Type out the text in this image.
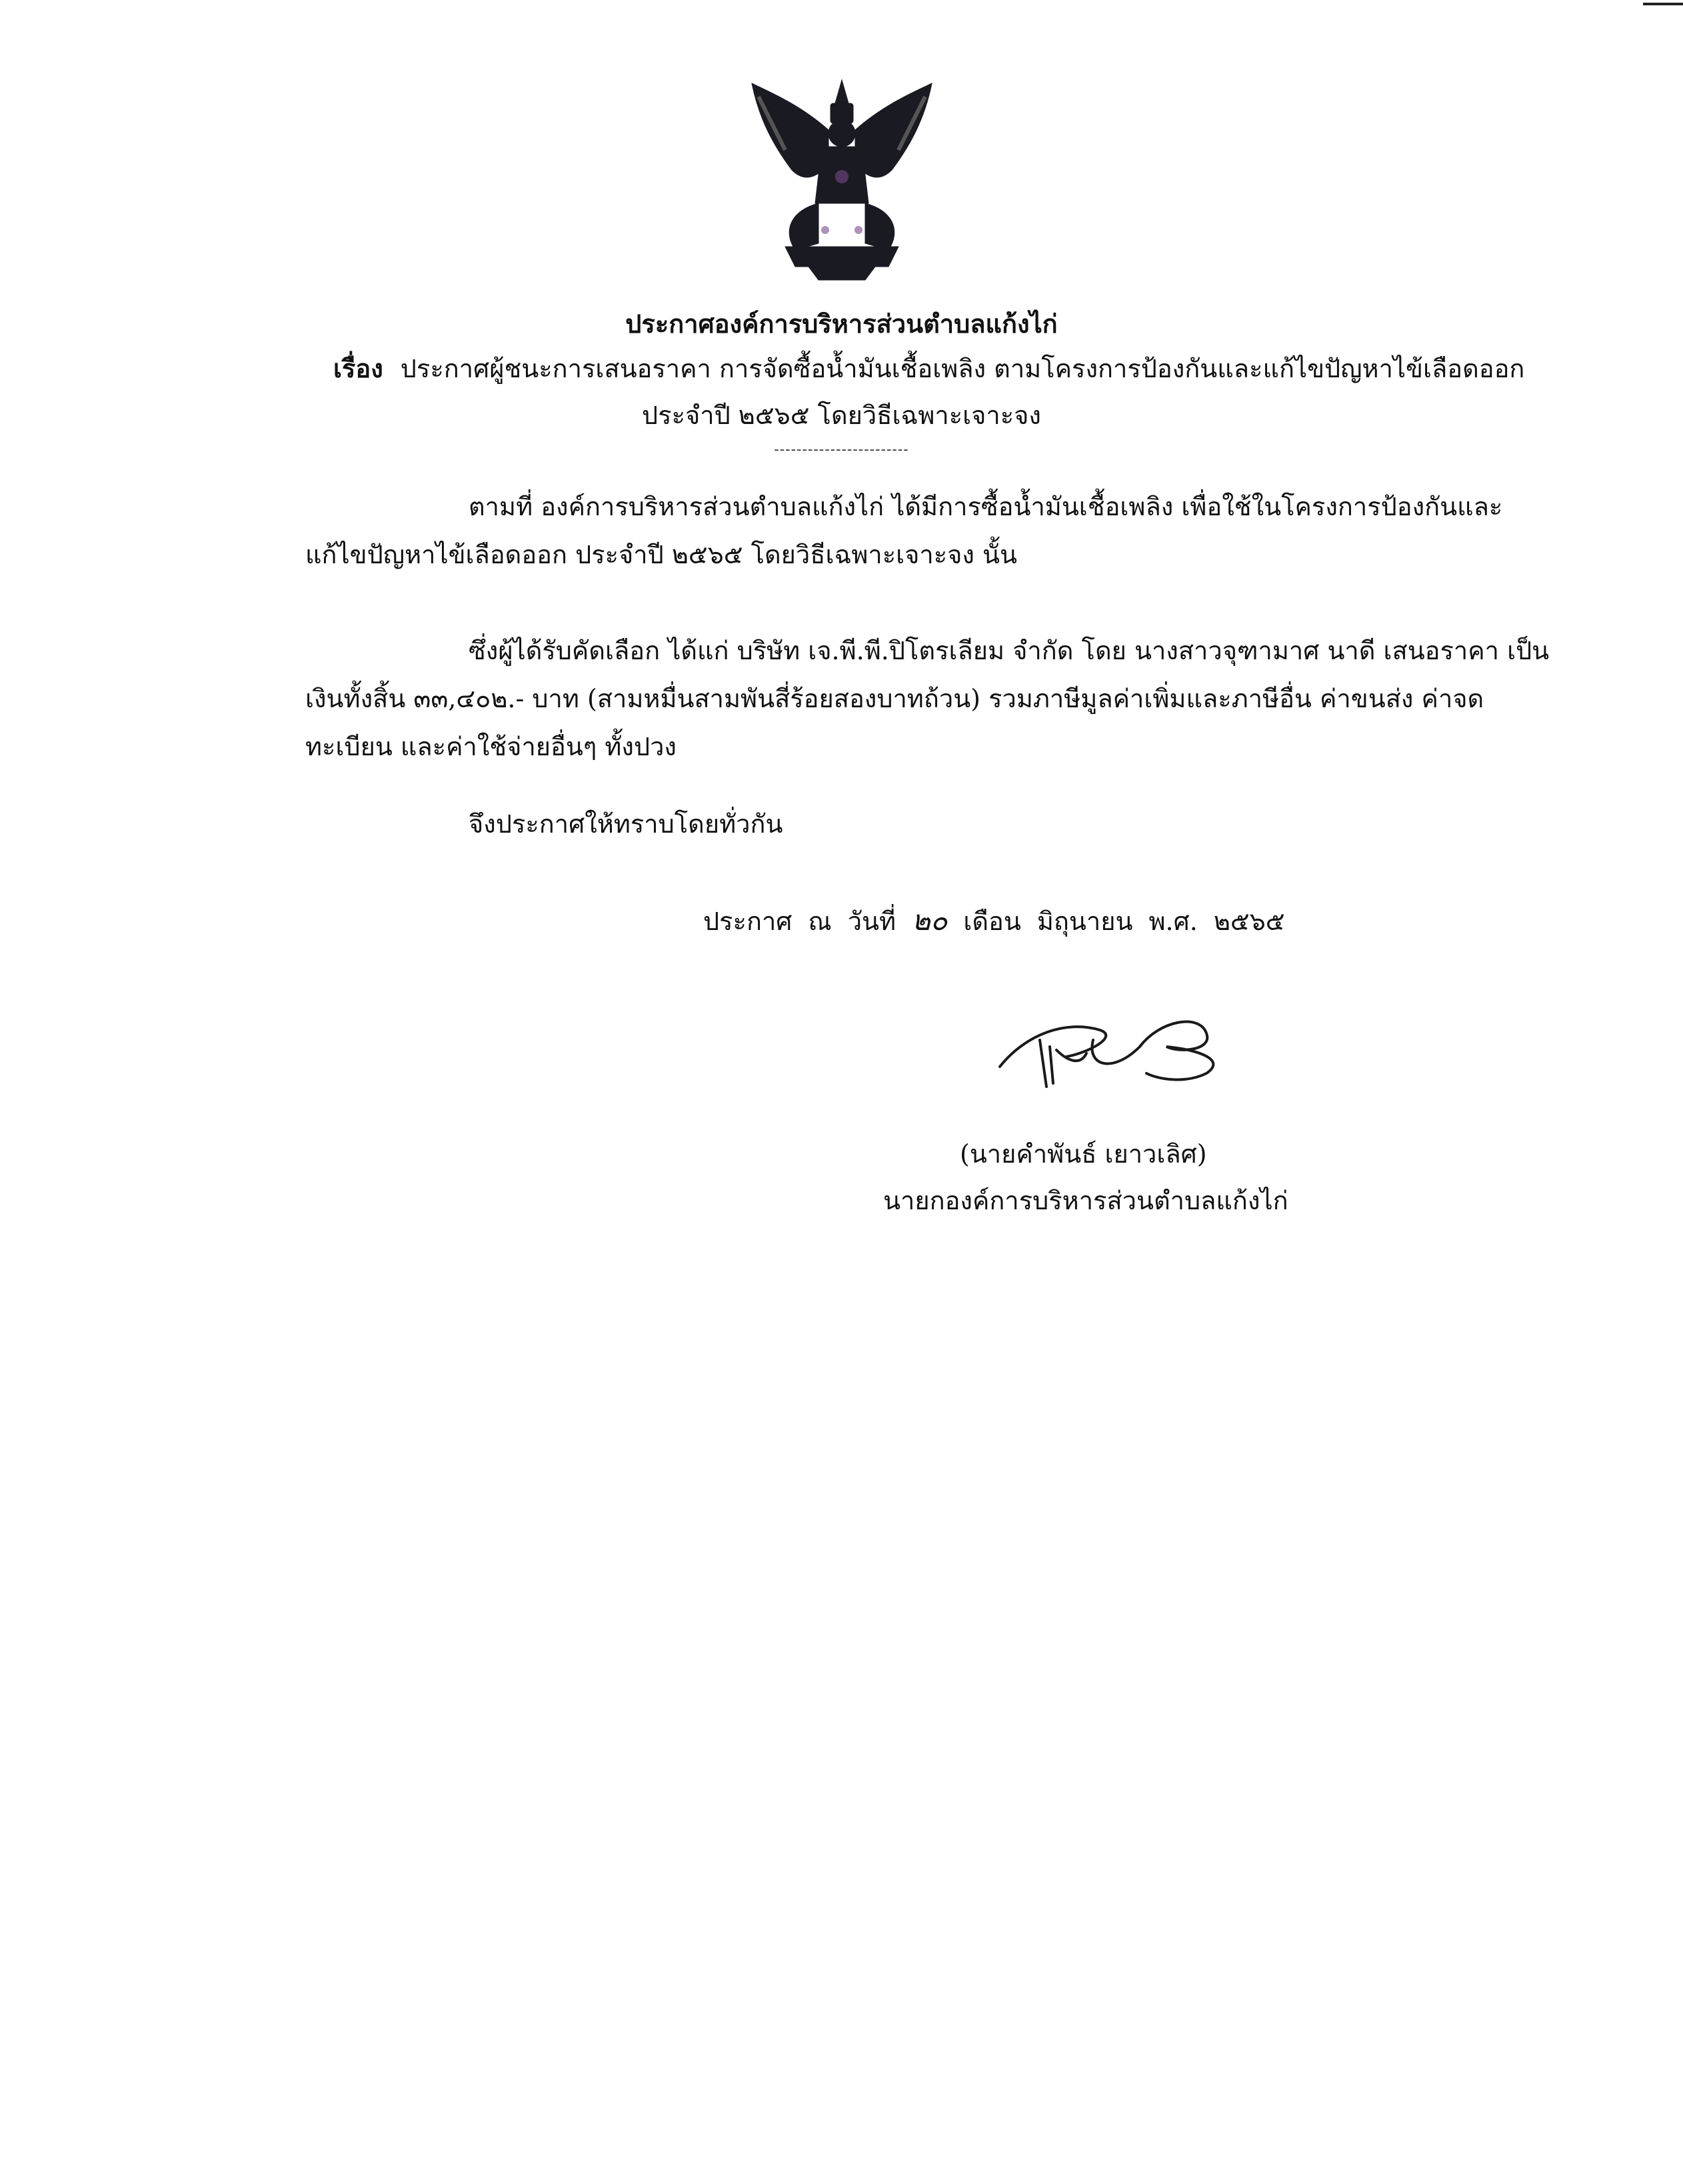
ประกาศองค์การบริหารส่วนตำบลแก้งไก่
เรื่อง ประกาศผู้ชนะการเสนอราคา การจัดซื้อน้ำมันเชื้อเพลิง ตามโครงการป้องกันและแก้ไขปัญหาไข้เลือดออก
ประจำปี ๒๕๖๕ โดยวิธีเฉพาะเจาะจง
------------------------
ตามที่ องค์การบริหารส่วนตำบลแก้งไก่ ได้มีการซื้อน้ำมันเชื้อเพลิง เพื่อใช้ในโครงการป้องกันและแก้ไขปัญหาไข้เลือดออก ประจำปี ๒๕๖๕ โดยวิธีเฉพาะเจาะจง นั้น
ซึ่งผู้ได้รับคัดเลือก ได้แก่ บริษัท เจ.พี.พี.ปิโตรเลียม จำกัด โดย นางสาวจุฑามาศ นาดี เสนอราคา เป็นเงินทั้งสิ้น ๓๓,๔๐๒.- บาท (สามหมื่นสามพันสี่ร้อยสองบาทถ้วน) รวมภาษีมูลค่าเพิ่มและภาษีอื่น ค่าขนส่ง ค่าจดทะเบียน และค่าใช้จ่ายอื่นๆ ทั้งปวง
จึงประกาศให้ทราบโดยทั่วกัน
ประกาศ ณ วันที่ ๒๐ เดือน มิถุนายน พ.ศ. ๒๕๖๕
(นายคำพันธ์ เยาวเลิศ)
นายกองค์การบริหารส่วนตำบลแก้งไก่
